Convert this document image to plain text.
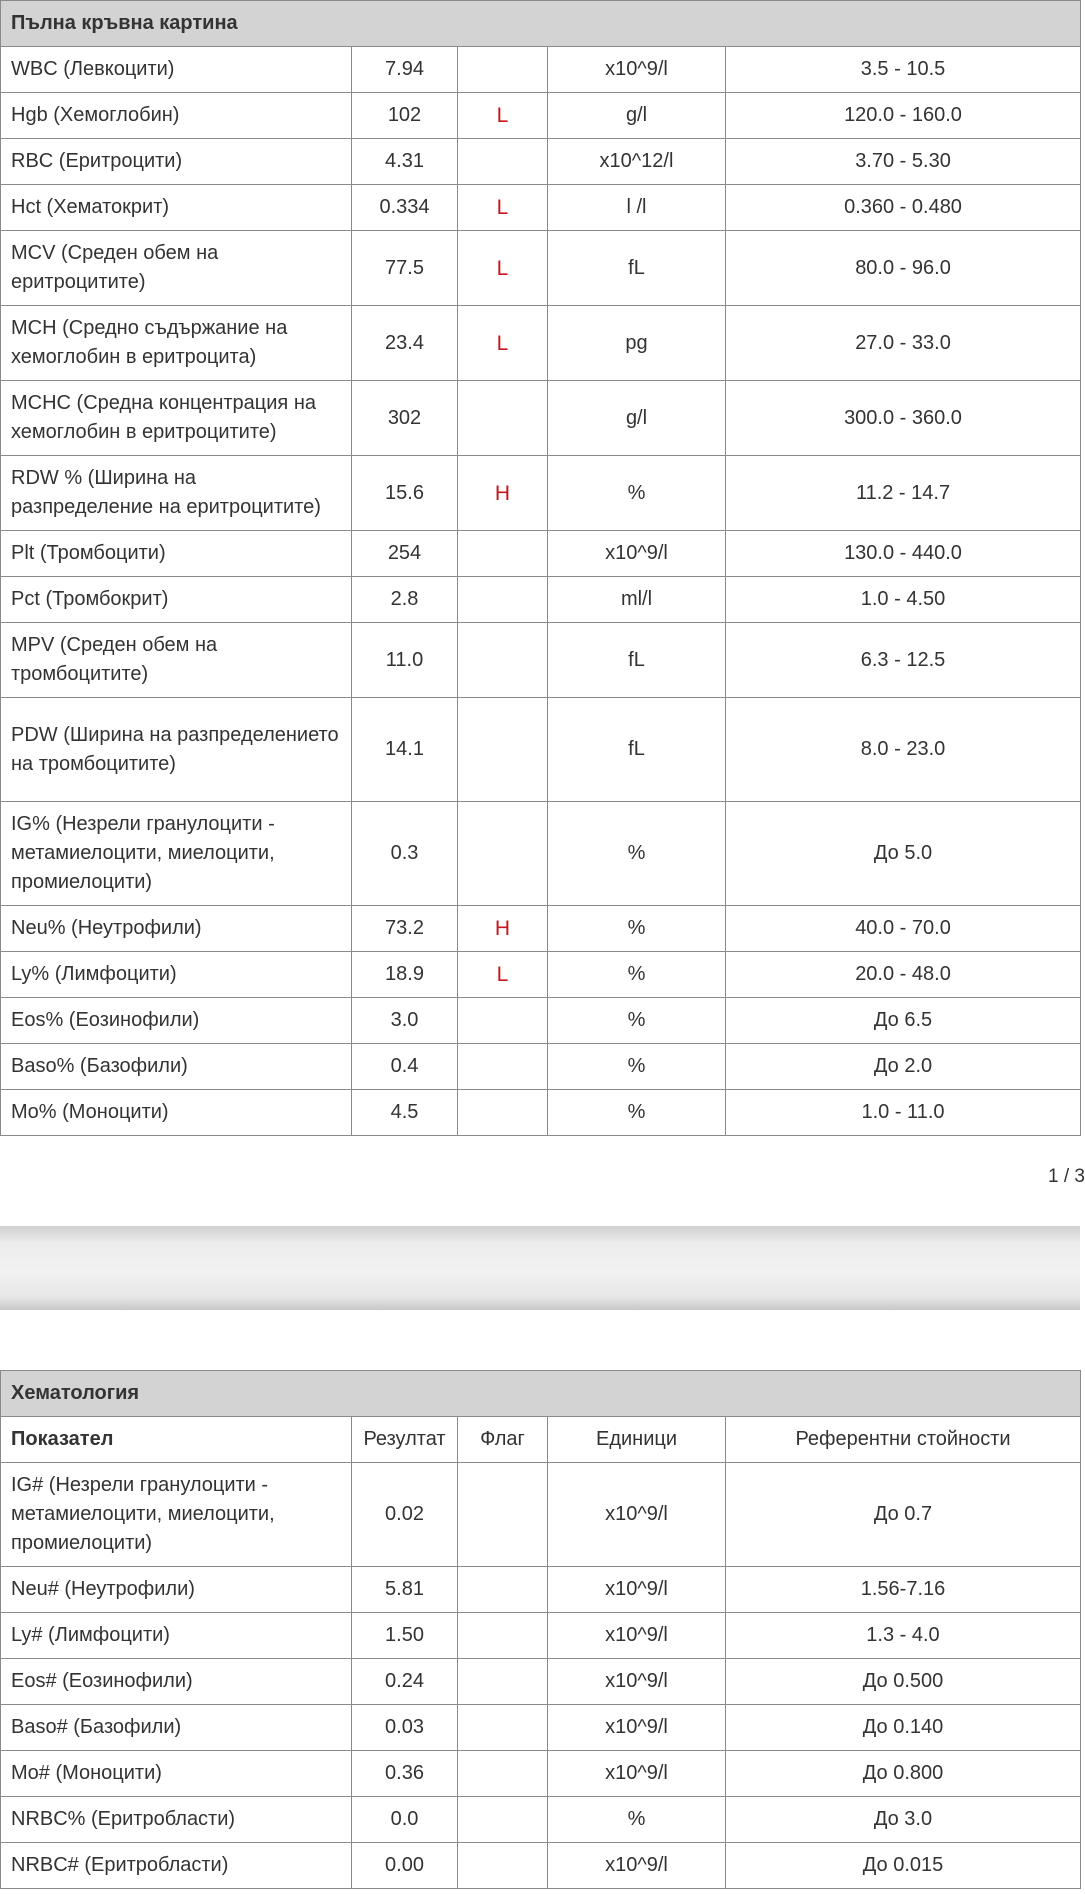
Пълна кръвна картина				
WBC (Левкоцити)	7.94		x10^9/l	3.5 - 10.5
Hgb (Хемоглобин)	102	L	g/l	120.0 - 160.0
RBC (Еритроцити)	4.31		x10^12/l	3.70 - 5.30
Hct (Хематокрит)	0.334	L	l /l	0.360 - 0.480
MCV (Среден обем на еритроцитите)	77.5	L	fL	80.0 - 96.0
MCH (Средно съдържание на хемоглобин в еритроцита)	23.4	L	pg	27.0 - 33.0
MCHC (Средна концентрация на хемоглобин в еритроцитите)	302		g/l	300.0 - 360.0
RDW % (Ширина на разпределение на еритроцитите)	15.6	H	%	11.2 - 14.7
Plt (Тромбоцити)	254		x10^9/l	130.0 - 440.0
Pct (Тромбокрит)	2.8		ml/l	1.0 - 4.50
MPV (Среден обем на тромбоцитите)	11.0		fL	6.3 - 12.5
PDW (Ширина на разпределението на тромбоцитите)	14.1		fL	8.0 - 23.0
IG% (Незрели гранулоцити - метамиелоцити, миелоцити, промиелоцити)	0.3		%	До 5.0
Neu% (Неутрофили)	73.2	H	%	40.0 - 70.0
Ly% (Лимфоцити)	18.9	L	%	20.0 - 48.0
Eos% (Еозинофили)	3.0		%	До 6.5
Baso% (Базофили)	0.4		%	До 2.0
Mo% (Моноцити)	4.5		%	1.0 - 11.0
1 / 3
Хематология				
Показател	Резултат	Флаг	Единици	Референтни стойности
IG# (Незрели гранулоцити - метамиелоцити, миелоцити, промиелоцити)	0.02		x10^9/l	До 0.7
Neu# (Неутрофили)	5.81		x10^9/l	1.56-7.16
Ly# (Лимфоцити)	1.50		x10^9/l	1.3 - 4.0
Eos# (Еозинофили)	0.24		x10^9/l	До 0.500
Baso# (Базофили)	0.03		x10^9/l	До 0.140
Mo# (Моноцити)	0.36		x10^9/l	До 0.800
NRBC% (Еритробласти)	0.0		%	До 3.0
NRBC# (Еритробласти)	0.00		x10^9/l	До 0.015
